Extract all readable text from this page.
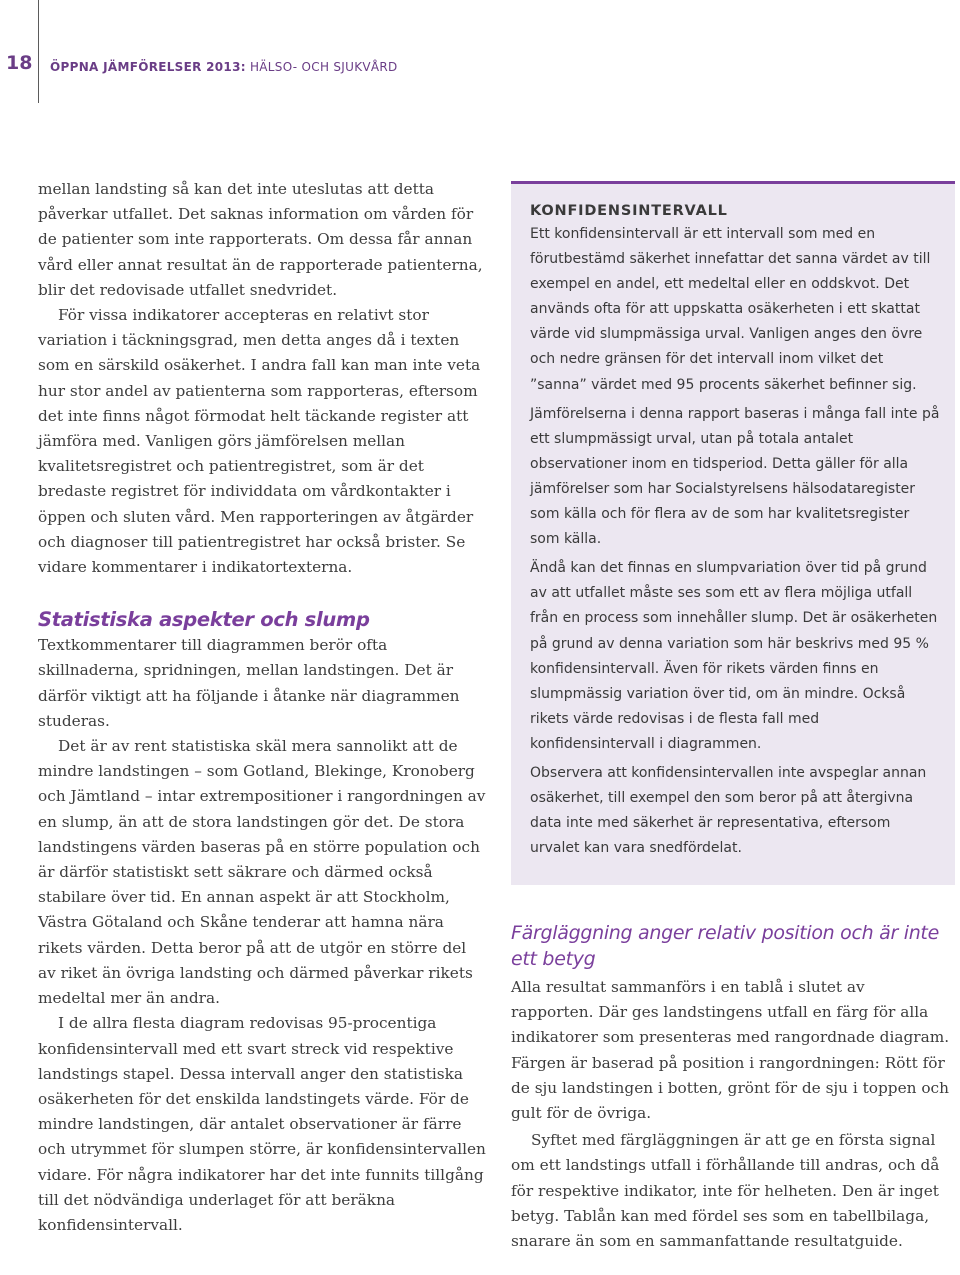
18 ÖPPNA JÄMFÖRELSER 2013: HÄLSO- OCH SJUKVÅRD

mellan landsting så kan det inte uteslutas att detta påverkar utfallet. Det saknas information om vården för de patienter som inte rapporterats. Om dessa får annan vård eller annat resultat än de rapporterade patienterna, blir det redovisade utfallet snedvridet.

För vissa indikatorer accepteras en relativt stor variation i täckningsgrad, men detta anges då i texten som en särskild osäkerhet. I andra fall kan man inte veta hur stor andel av patienterna som rapporteras, eftersom det inte finns något förmodat helt täckande register att jämföra med. Vanligen görs jämförelsen mellan kvalitetsregistret och patientregistret, som är det bredaste registret för individdata om vårdkontakter i öppen och sluten vård. Men rapporteringen av åtgärder och diagnoser till patientregistret har också brister. Se vidare kommentarer i indikatortexterna.

Statistiska aspekter och slump

Textkommentarer till diagrammen berör ofta skillnaderna, spridningen, mellan landstingen. Det är därför viktigt att ha följande i åtanke när diagrammen studeras.

Det är av rent statistiska skäl mera sannolikt att de mindre landstingen – som Gotland, Blekinge, Kronoberg och Jämtland – intar extrempositioner i rangordningen av en slump, än att de stora landstingen gör det. De stora landstingens värden baseras på en större population och är därför statistiskt sett säkrare och därmed också stabilare över tid. En annan aspekt är att Stockholm, Västra Götaland och Skåne tenderar att hamna nära rikets värden. Detta beror på att de utgör en större del av riket än övriga landsting och därmed påverkar rikets medeltal mer än andra.

I de allra flesta diagram redovisas 95-procentiga konfidensintervall med ett svart streck vid respektive landstings stapel. Dessa intervall anger den statistiska osäkerheten för det enskilda landstingets värde. För de mindre landstingen, där antalet observationer är färre och utrymmet för slumpen större, är konfidensintervallen vidare. För några indikatorer har det inte funnits tillgång till det nödvändiga underlaget för att beräkna konfidensintervall.

KONFIDENSINTERVALL

Ett konfidensintervall är ett intervall som med en förutbestämd säkerhet innefattar det sanna värdet av till exempel en andel, ett medeltal eller en oddskvot. Det används ofta för att uppskatta osäkerheten i ett skattat värde vid slumpmässiga urval. Vanligen anges den övre och nedre gränsen för det intervall inom vilket det ”sanna” värdet med 95 procents säkerhet befinner sig.

Jämförelserna i denna rapport baseras i många fall inte på ett slumpmässigt urval, utan på totala antalet observationer inom en tidsperiod. Detta gäller för alla jämförelser som har Socialstyrelsens hälsodataregister som källa och för flera av de som har kvalitetsregister som källa.

Ändå kan det finnas en slumpvariation över tid på grund av att utfallet måste ses som ett av flera möjliga utfall från en process som innehåller slump. Det är osäkerheten på grund av denna variation som här beskrivs med 95 % konfidensintervall. Även för rikets värden finns en slumpmässig variation över tid, om än mindre. Också rikets värde redovisas i de flesta fall med konfidensintervall i diagrammen.

Observera att konfidensintervallen inte avspeglar annan osäkerhet, till exempel den som beror på att återgivna data inte med säkerhet är representativa, eftersom urvalet kan vara snedfördelat.

Färgläggning anger relativ position och är inte ett betyg

Alla resultat sammanförs i en tablå i slutet av rapporten. Där ges landstingens utfall en färg för alla indikatorer som presenteras med rangordnade diagram. Färgen är baserad på position i rangordningen: Rött för de sju landstingen i botten, grönt för de sju i toppen och gult för de övriga.

Syftet med färgläggningen är att ge en första signal om ett landstings utfall i förhållande till andras, och då för respektive indikator, inte för helheten. Den är inget betyg. Tablån kan med fördel ses som en tabellbilaga, snarare än som en sammanfattande resultatguide.
